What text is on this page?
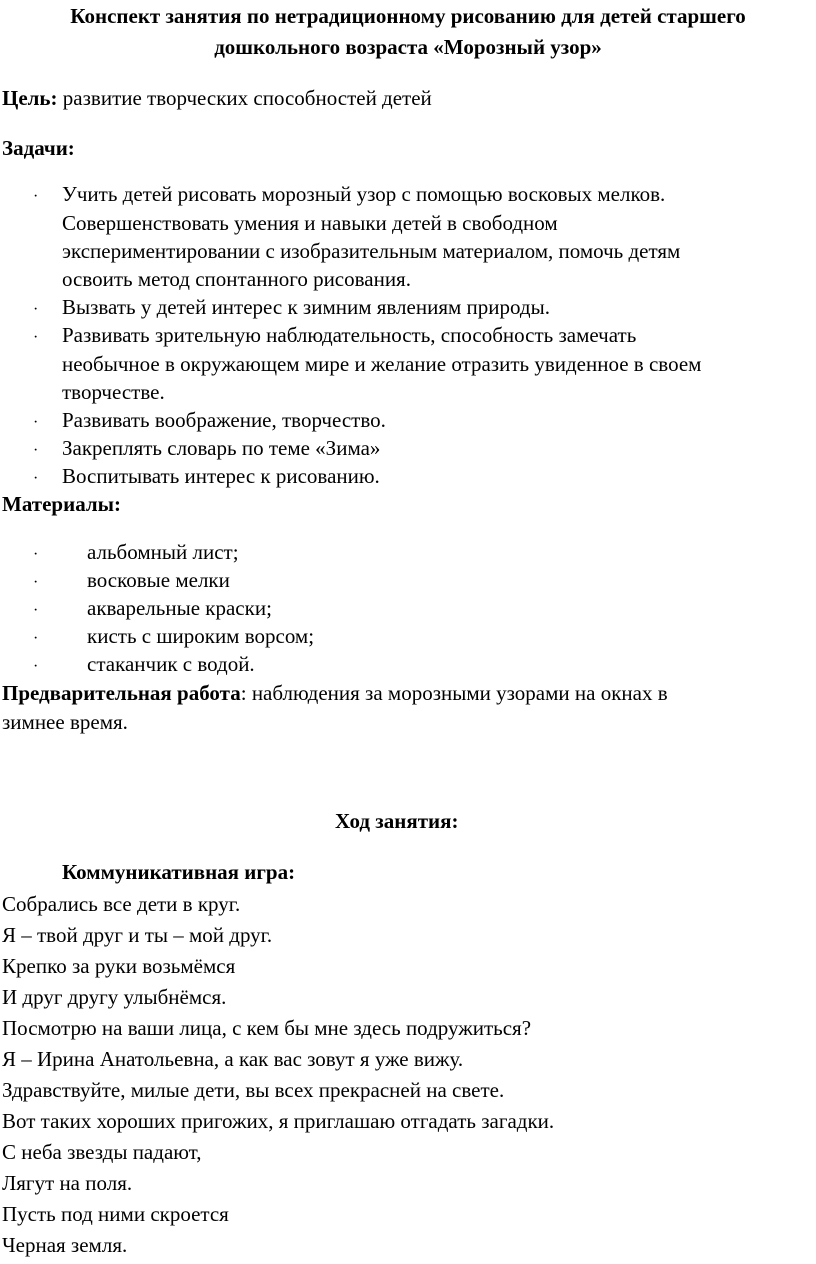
Конспект занятия по нетрадиционному рисованию для детей старшего
дошкольного возраста «Морозный узор»
Цель: развитие творческих способностей детей
Задачи:
· Учить детей рисовать морозный узор с помощью восковых мелков.
Совершенствовать умения и навыки детей в свободном
экспериментировании с изобразительным материалом, помочь детям
освоить метод спонтанного рисования.
· Вызвать у детей интерес к зимним явлениям природы.
· Развивать зрительную наблюдательность, способность замечать
необычное в окружающем мире и желание отразить увиденное в своем
творчестве.
· Развивать воображение, творчество.
· Закреплять словарь по теме «Зима»
· Воспитывать интерес к рисованию.
Материалы:
· альбомный лист;
· восковые мелки
· акварельные краски;
· кисть с широким ворсом;
· стаканчик с водой.
Предварительная работа: наблюдения за морозными узорами на окнах в
зимнее время.
Ход занятия:
Коммуникативная игра:
Собрались все дети в круг.
Я – твой друг и ты – мой друг.
Крепко за руки возьмёмся
И друг другу улыбнёмся.
Посмотрю на ваши лица, с кем бы мне здесь подружиться?
Я – Ирина Анатольевна, а как вас зовут я уже вижу.
Здравствуйте, милые дети, вы всех прекрасней на свете.
Вот таких хороших пригожих, я приглашаю отгадать загадки.
С неба звезды падают,
Лягут на поля.
Пусть под ними скроется
Черная земля.
